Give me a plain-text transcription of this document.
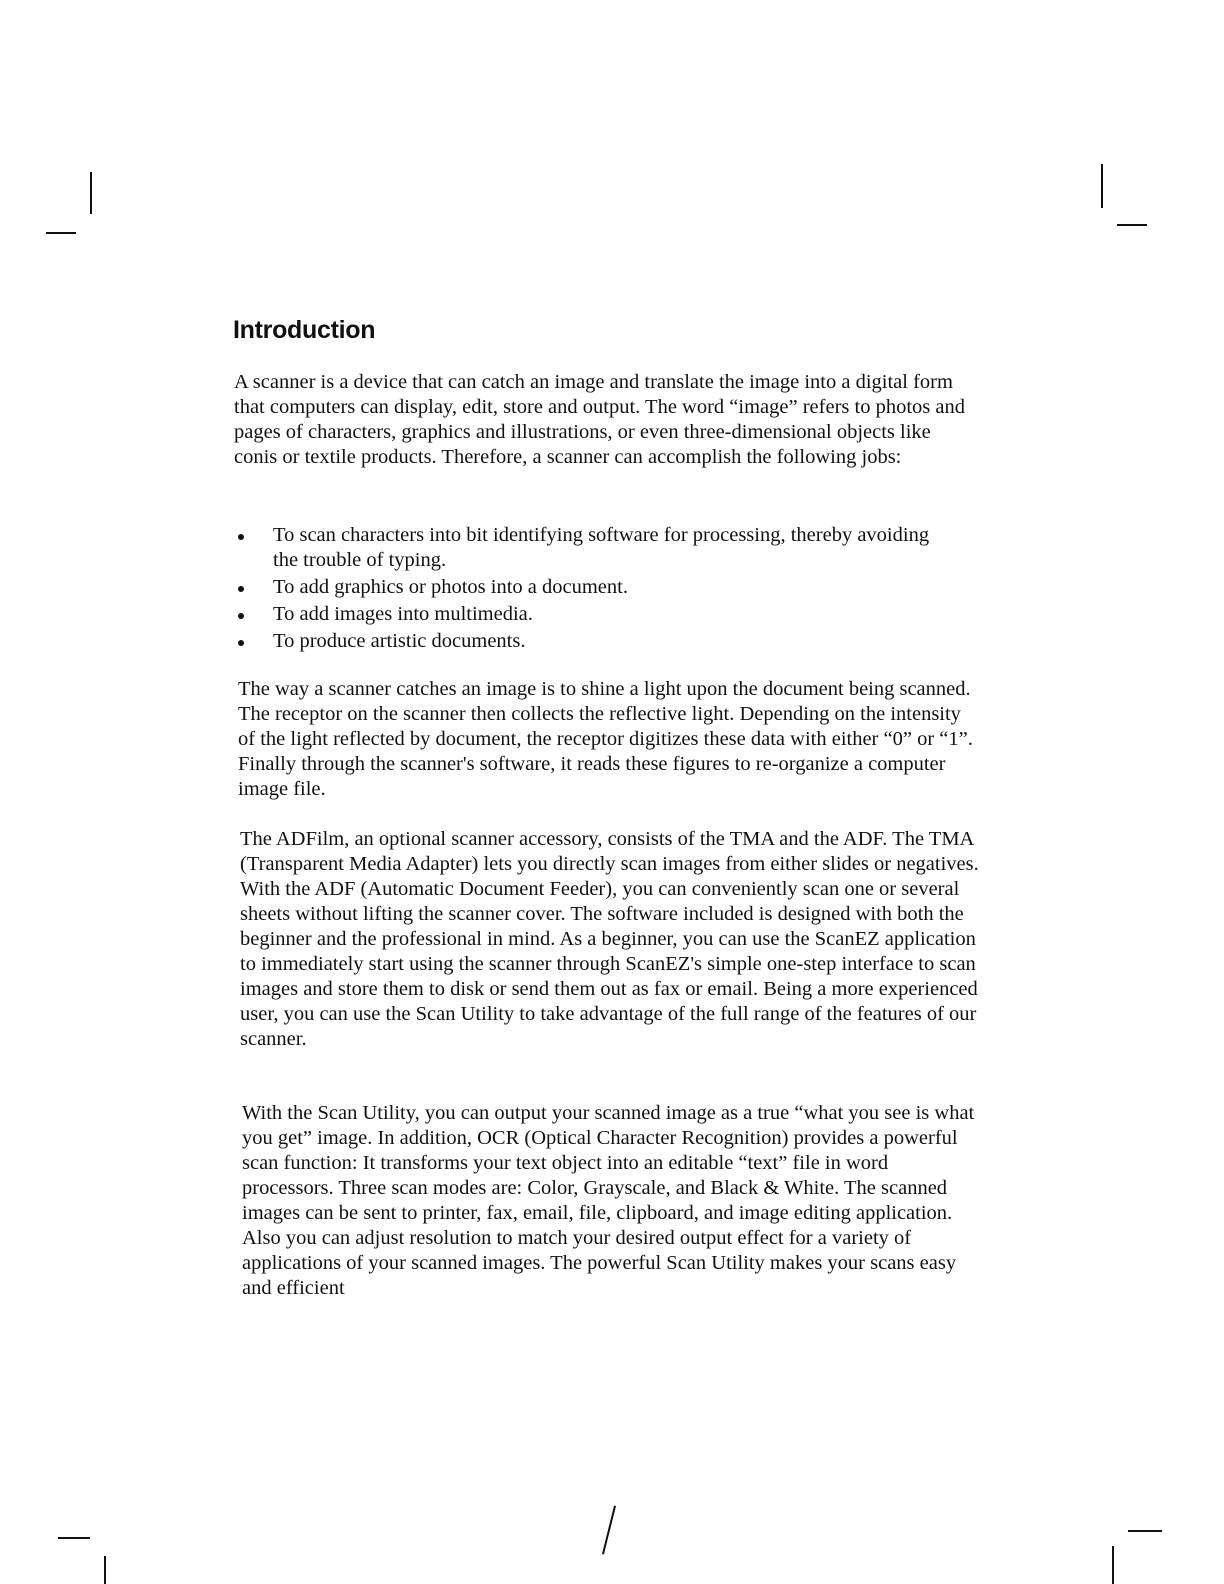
Introduction

A scanner is a device that can catch an image and translate the image into a digital form that computers can display, edit, store and output. The word “image” refers to photos and pages of characters, graphics and illustrations, or even three-dimensional objects like conis or textile products. Therefore, a scanner can accomplish the following jobs:

To scan characters into bit identifying software for processing, thereby avoiding the trouble of typing.
To add graphics or photos into a document.
To add images into multimedia.
To produce artistic documents.

The way a scanner catches an image is to shine a light upon the document being scanned. The receptor on the scanner then collects the reflective light. Depending on the intensity of the light reflected by document, the receptor digitizes these data with either “0” or “1”. Finally through the scanner's software, it reads these figures to re-organize a computer image file.

The ADFilm, an optional scanner accessory, consists of the TMA and the ADF. The TMA (Transparent Media Adapter) lets you directly scan images from either slides or negatives. With the ADF (Automatic Document Feeder), you can conveniently scan one or several sheets without lifting the scanner cover. The software included is designed with both the beginner and the professional in mind. As a beginner, you can use the ScanEZ application to immediately start using the scanner through ScanEZ's simple one-step interface to scan images and store them to disk or send them out as fax or email. Being a more experienced user, you can use the Scan Utility to take advantage of the full range of the features of our scanner.

With the Scan Utility, you can output your scanned image as a true “what you see is what you get” image. In addition, OCR (Optical Character Recognition) provides a powerful scan function: It transforms your text object into an editable “text” file in word processors. Three scan modes are: Color, Grayscale, and Black & White. The scanned images can be sent to printer, fax, email, file, clipboard, and image editing application. Also you can adjust resolution to match your desired output effect for a variety of applications of your scanned images. The powerful Scan Utility makes your scans easy and efficient
